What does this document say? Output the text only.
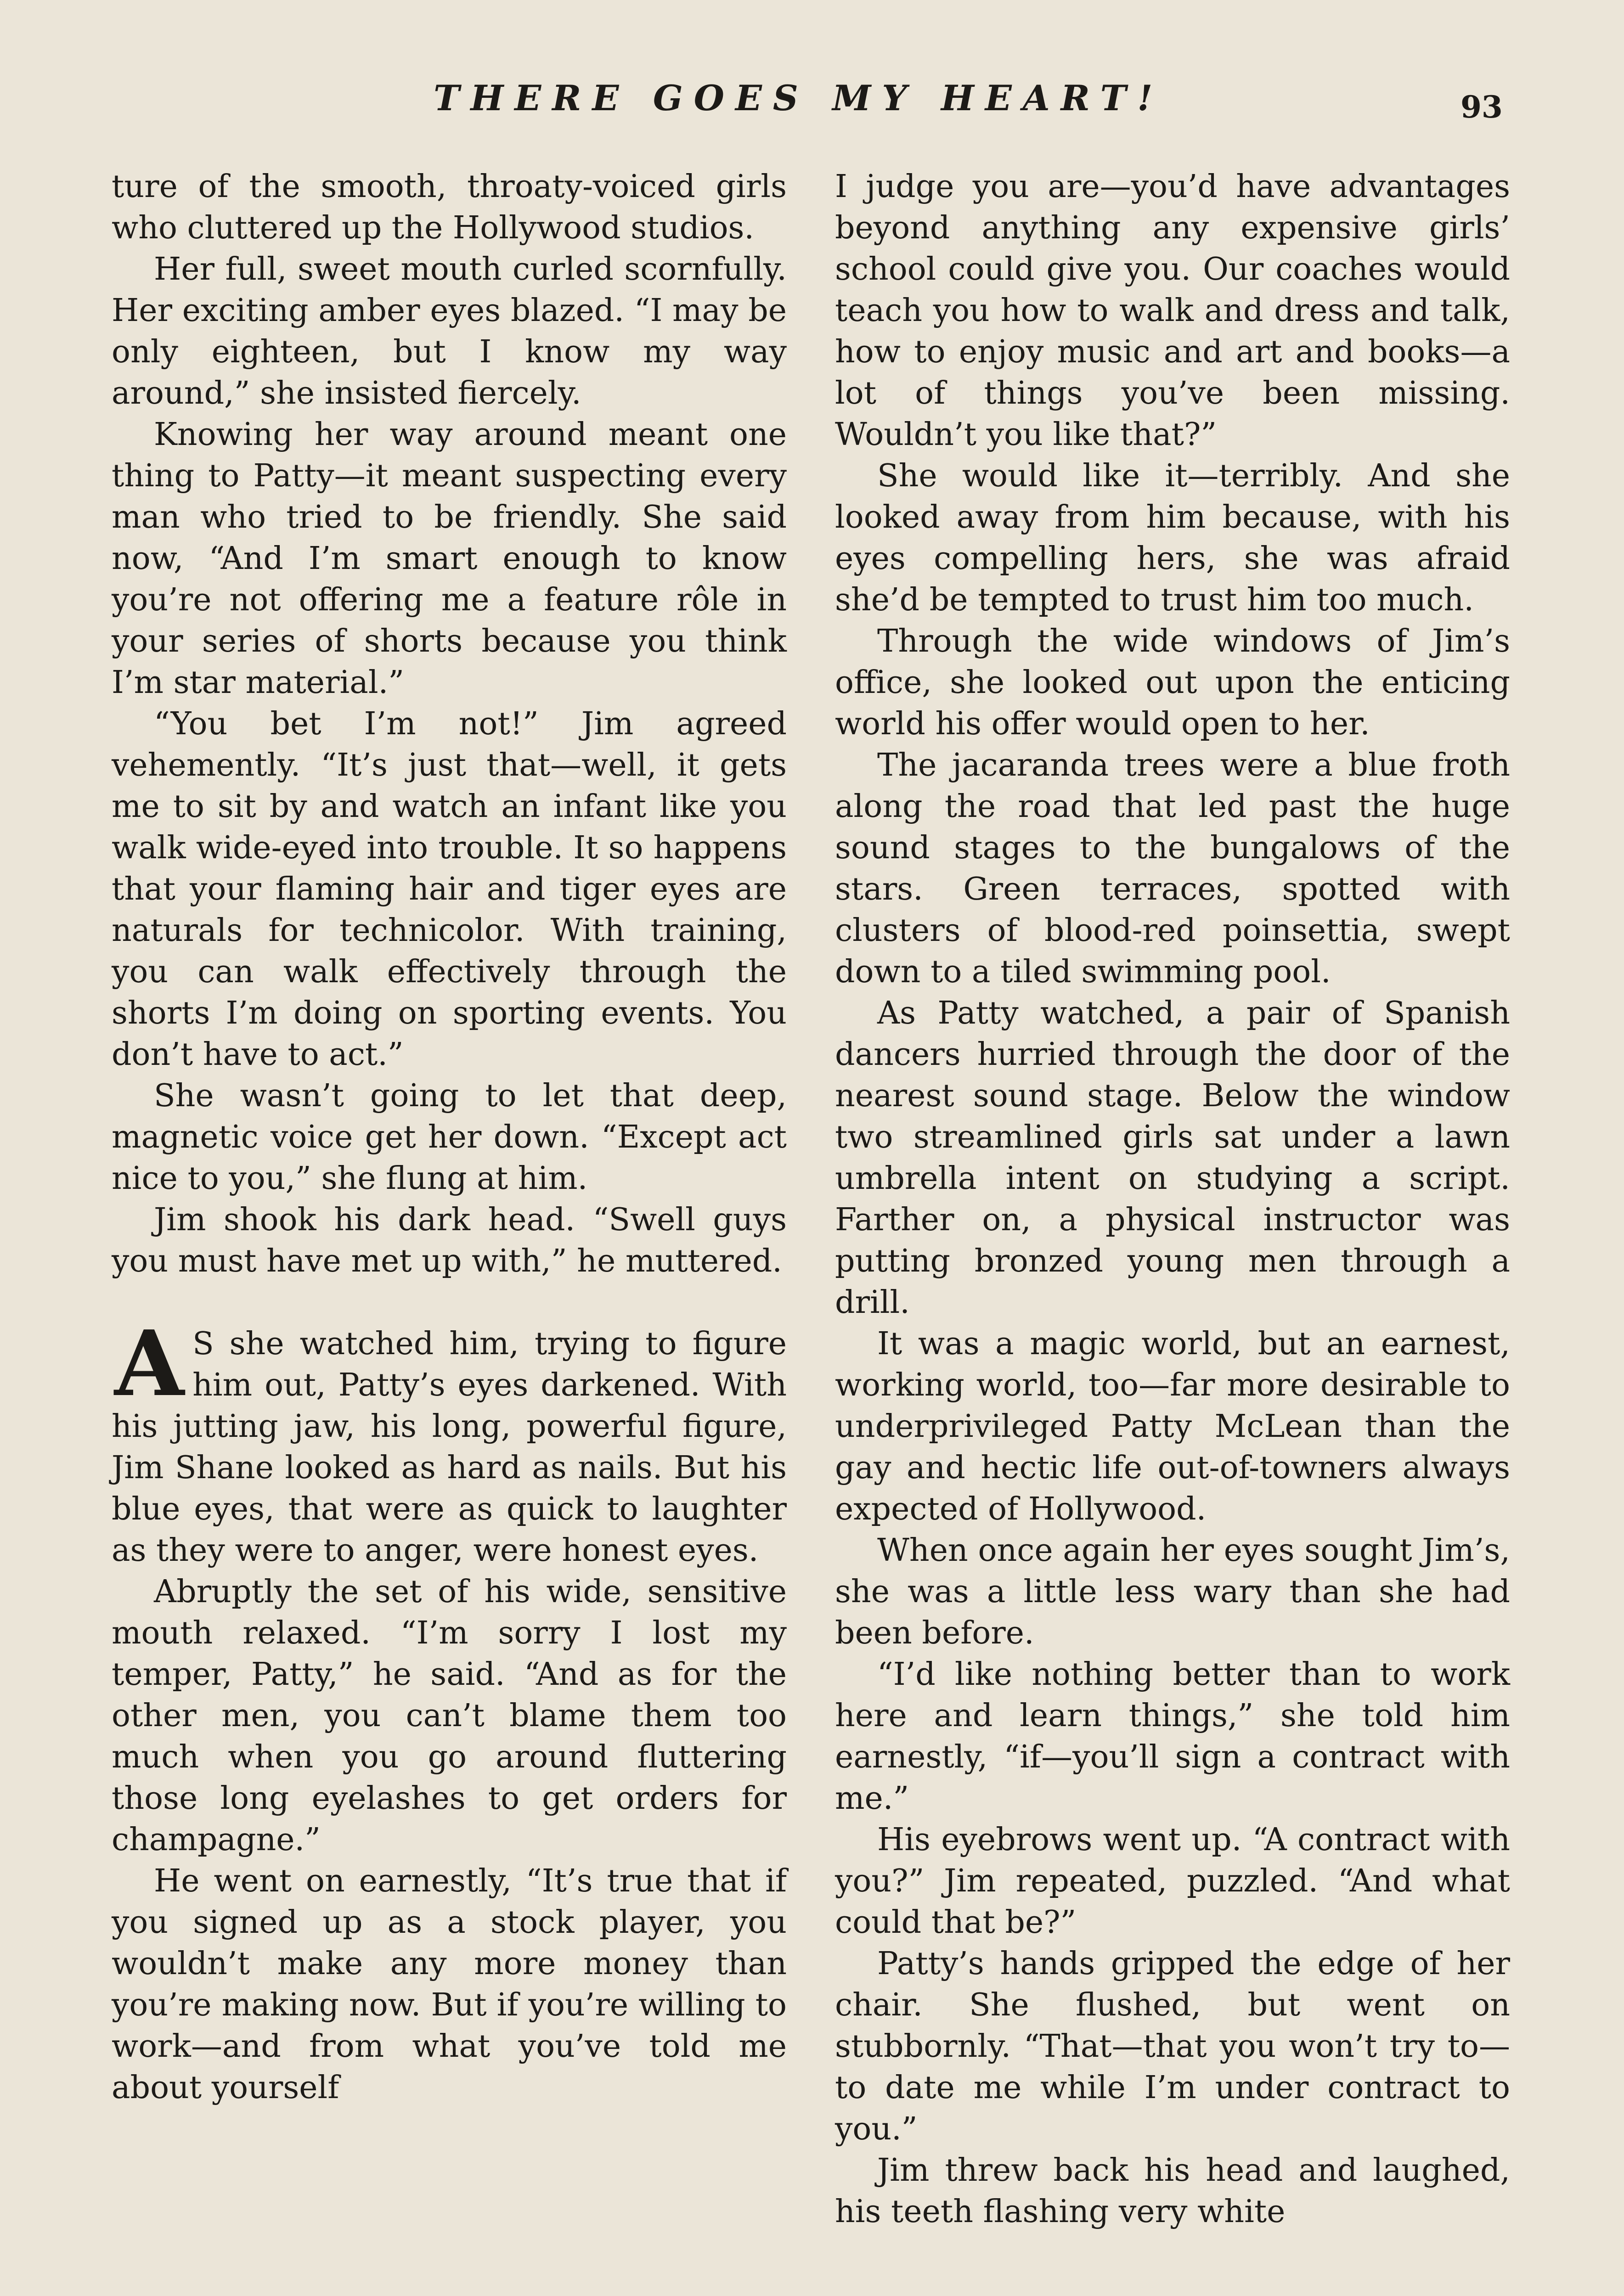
THERE GOES MY HEART!	93

ture of the smooth, throaty-voiced girls who cluttered up the Hollywood studios.

Her full, sweet mouth curled scornfully. Her exciting amber eyes blazed. “I may be only eighteen, but I know my way around,” she insisted fiercely.

Knowing her way around meant one thing to Patty—it meant suspecting every man who tried to be friendly. She said now, “And I’m smart enough to know you’re not offering me a feature rôle in your series of shorts because you think I’m star material.”

“You bet I’m not!” Jim agreed vehemently. “It’s just that—well, it gets me to sit by and watch an infant like you walk wide-eyed into trouble. It so happens that your flaming hair and tiger eyes are naturals for technicolor. With training, you can walk effectively through the shorts I’m doing on sporting events. You don’t have to act.”

She wasn’t going to let that deep, magnetic voice get her down. “Except act nice to you,” she flung at him.

Jim shook his dark head. “Swell guys you must have met up with,” he muttered.

A S she watched him, trying to figure him out, Patty’s eyes darkened. With his jutting jaw, his long, powerful figure, Jim Shane looked as hard as nails. But his blue eyes, that were as quick to laughter as they were to anger, were honest eyes.

Abruptly the set of his wide, sensitive mouth relaxed. “I’m sorry I lost my temper, Patty,” he said. “And as for the other men, you can’t blame them too much when you go around fluttering those long eyelashes to get orders for champagne.”

He went on earnestly, “It’s true that if you signed up as a stock player, you wouldn’t make any more money than you’re making now. But if you’re willing to work—and from what you’ve told me about yourself

I judge you are—you’d have advantages beyond anything any expensive girls’ school could give you. Our coaches would teach you how to walk and dress and talk, how to enjoy music and art and books—a lot of things you’ve been missing. Wouldn’t you like that?”

She would like it—terribly. And she looked away from him because, with his eyes compelling hers, she was afraid she’d be tempted to trust him too much.

Through the wide windows of Jim’s office, she looked out upon the enticing world his offer would open to her.

The jacaranda trees were a blue froth along the road that led past the huge sound stages to the bungalows of the stars. Green terraces, spotted with clusters of blood-red poinsettia, swept down to a tiled swimming pool.

As Patty watched, a pair of Spanish dancers hurried through the door of the nearest sound stage. Below the window two streamlined girls sat under a lawn umbrella intent on studying a script. Farther on, a physical instructor was putting bronzed young men through a drill.

It was a magic world, but an earnest, working world, too—far more desirable to underprivileged Patty McLean than the gay and hectic life out-of-towners always expected of Hollywood.

When once again her eyes sought Jim’s, she was a little less wary than she had been before.

“I’d like nothing better than to work here and learn things,” she told him earnestly, “if—you’ll sign a contract with me.”

His eyebrows went up. “A contract with you?” Jim repeated, puzzled. “And what could that be?”

Patty’s hands gripped the edge of her chair. She flushed, but went on stubbornly. “That—that you won’t try to—to date me while I’m under contract to you.”

Jim threw back his head and laughed, his teeth flashing very white
